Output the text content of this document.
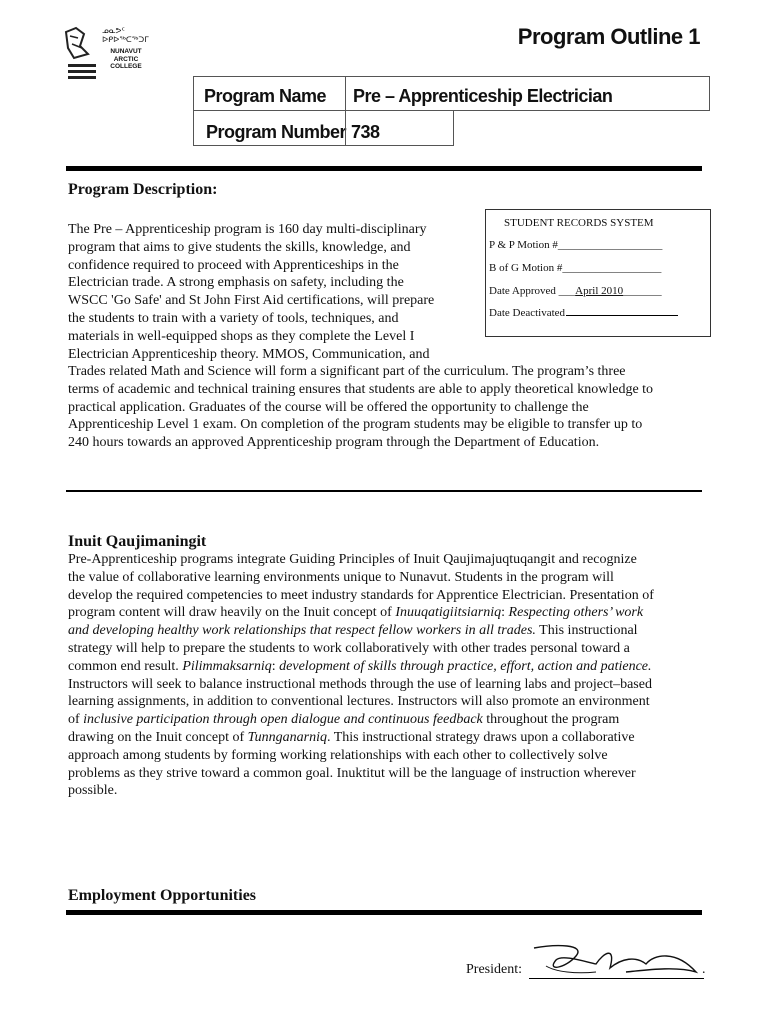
ᓄᓇᕗᑦ ᐅᑭᐅᖅᑕᖅᑐᒥ
NUNAVUT
ARCTIC
COLLEGE
Program Outline 1
Program Name	Pre – Apprenticeship Electrician
Program Number 738
Program Description:
The Pre – Apprenticeship program is 160 day multi-disciplinary
program that aims to give students the skills, knowledge, and
confidence required to proceed with Apprenticeships in the
Electrician trade. A strong emphasis on safety, including the
WSCC 'Go Safe' and St John First Aid certifications, will prepare
the students to train with a variety of tools, techniques, and
materials in well-equipped shops as they complete the Level I
Electrician Apprenticeship theory. MMOS, Communication, and
Trades related Math and Science will form a significant part of the curriculum. The program’s three
terms of academic and technical training ensures that students are able to apply theoretical knowledge to
practical application. Graduates of the course will be offered the opportunity to challenge the
Apprenticeship Level 1 exam. On completion of the program students may be eligible to transfer up to
240 hours towards an approved Apprenticeship program through the Department of Education.
STUDENT RECORDS SYSTEM
P & P Motion #___________________
B of G Motion #__________________
Date Approved ___April 2010_______
Date Deactivated
Inuit Qaujimaningit
Pre-Apprenticeship programs integrate Guiding Principles of Inuit Qaujimajuqtuqangit and recognize
the value of collaborative learning environments unique to Nunavut. Students in the program will
develop the required competencies to meet industry standards for Apprentice Electrician. Presentation of
program content will draw heavily on the Inuit concept of Inuuqatigiitsiarniq: Respecting others’ work
and developing healthy work relationships that respect fellow workers in all trades. This instructional
strategy will help to prepare the students to work collaboratively with other trades personal toward a
common end result. Pilimmaksarniq: development of skills through practice, effort, action and patience.
Instructors will seek to balance instructional methods through the use of learning labs and project–based
learning assignments, in addition to conventional lectures. Instructors will also promote an environment
of inclusive participation through open dialogue and continuous feedback throughout the program
drawing on the Inuit concept of Tunnganarniq. This instructional strategy draws upon a collaborative
approach among students by forming working relationships with each other to collectively solve
problems as they strive toward a common goal. Inuktitut will be the language of instruction wherever
possible.
Employment Opportunities
President:	.
